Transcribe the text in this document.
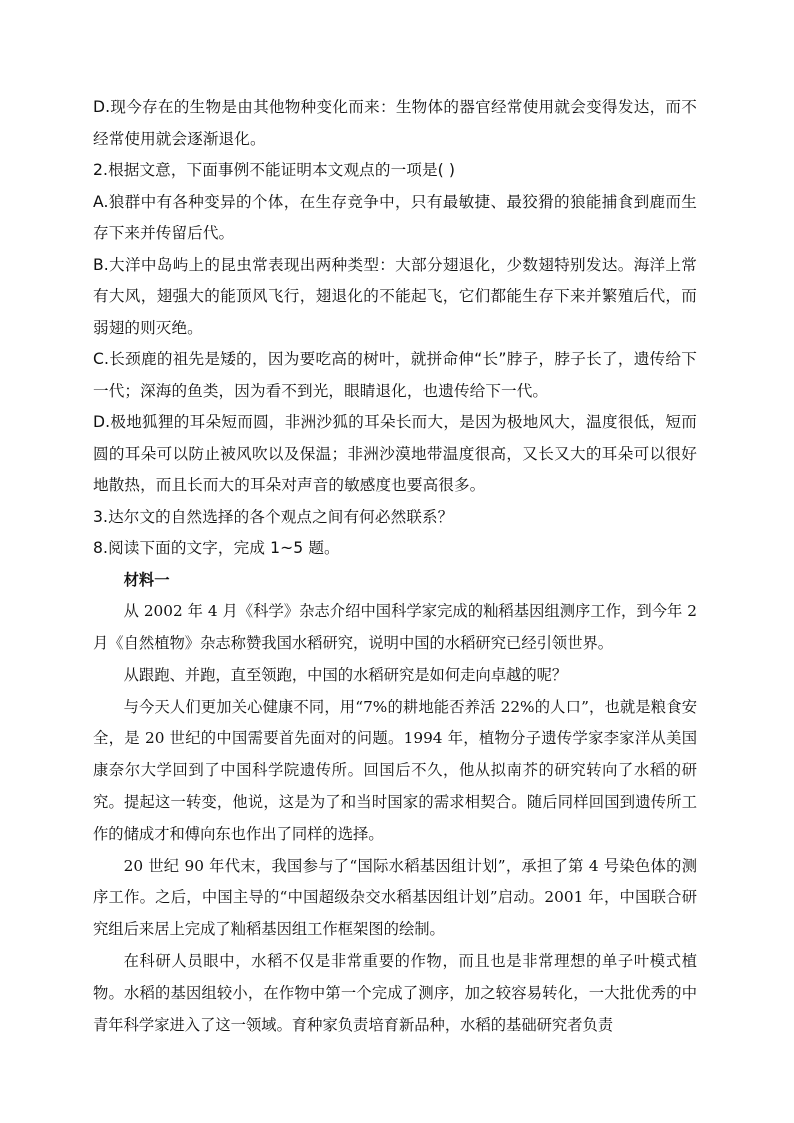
D.现今存在的生物是由其他物种变化而来：生物体的器官经常使用就会变得发达，而不经常使用就会逐渐退化。

2.根据文意，下面事例不能证明本文观点的一项是( )

A.狼群中有各种变异的个体，在生存竞争中，只有最敏捷、最狡猾的狼能捕食到鹿而生存下来并传留后代。

B.大洋中岛屿上的昆虫常表现出两种类型：大部分翅退化，少数翅特别发达。海洋上常有大风，翅强大的能顶风飞行，翅退化的不能起飞，它们都能生存下来并繁殖后代，而弱翅的则灭绝。

C.长颈鹿的祖先是矮的，因为要吃高的树叶，就拼命伸“长”脖子，脖子长了，遗传给下一代；深海的鱼类，因为看不到光，眼睛退化，也遗传给下一代。

D.极地狐狸的耳朵短而圆，非洲沙狐的耳朵长而大，是因为极地风大，温度很低，短而圆的耳朵可以防止被风吹以及保温；非洲沙漠地带温度很高，又长又大的耳朵可以很好地散热，而且长而大的耳朵对声音的敏感度也要高很多。

3.达尔文的自然选择的各个观点之间有何必然联系？

8.阅读下面的文字，完成 1~5 题。

材料一

从 2002 年 4 月《科学》杂志介绍中国科学家完成的籼稻基因组测序工作，到今年 2 月《自然植物》杂志称赞我国水稻研究，说明中国的水稻研究已经引领世界。

从跟跑、并跑，直至领跑，中国的水稻研究是如何走向卓越的呢？

与今天人们更加关心健康不同，用“7%的耕地能否养活 22%的人口”，也就是粮食安全，是 20 世纪的中国需要首先面对的问题。1994 年，植物分子遗传学家李家洋从美国康奈尔大学回到了中国科学院遗传所。回国后不久，他从拟南芥的研究转向了水稻的研究。提起这一转变，他说，这是为了和当时国家的需求相契合。随后同样回国到遗传所工作的储成才和傅向东也作出了同样的选择。

20 世纪 90 年代末，我国参与了“国际水稻基因组计划”，承担了第 4 号染色体的测序工作。之后，中国主导的“中国超级杂交水稻基因组计划”启动。2001 年，中国联合研究组后来居上完成了籼稻基因组工作框架图的绘制。

在科研人员眼中，水稻不仅是非常重要的作物，而且也是非常理想的单子叶模式植物。水稻的基因组较小，在作物中第一个完成了测序，加之较容易转化，一大批优秀的中青年科学家进入了这一领域。育种家负责培育新品种，水稻的基础研究者负责
